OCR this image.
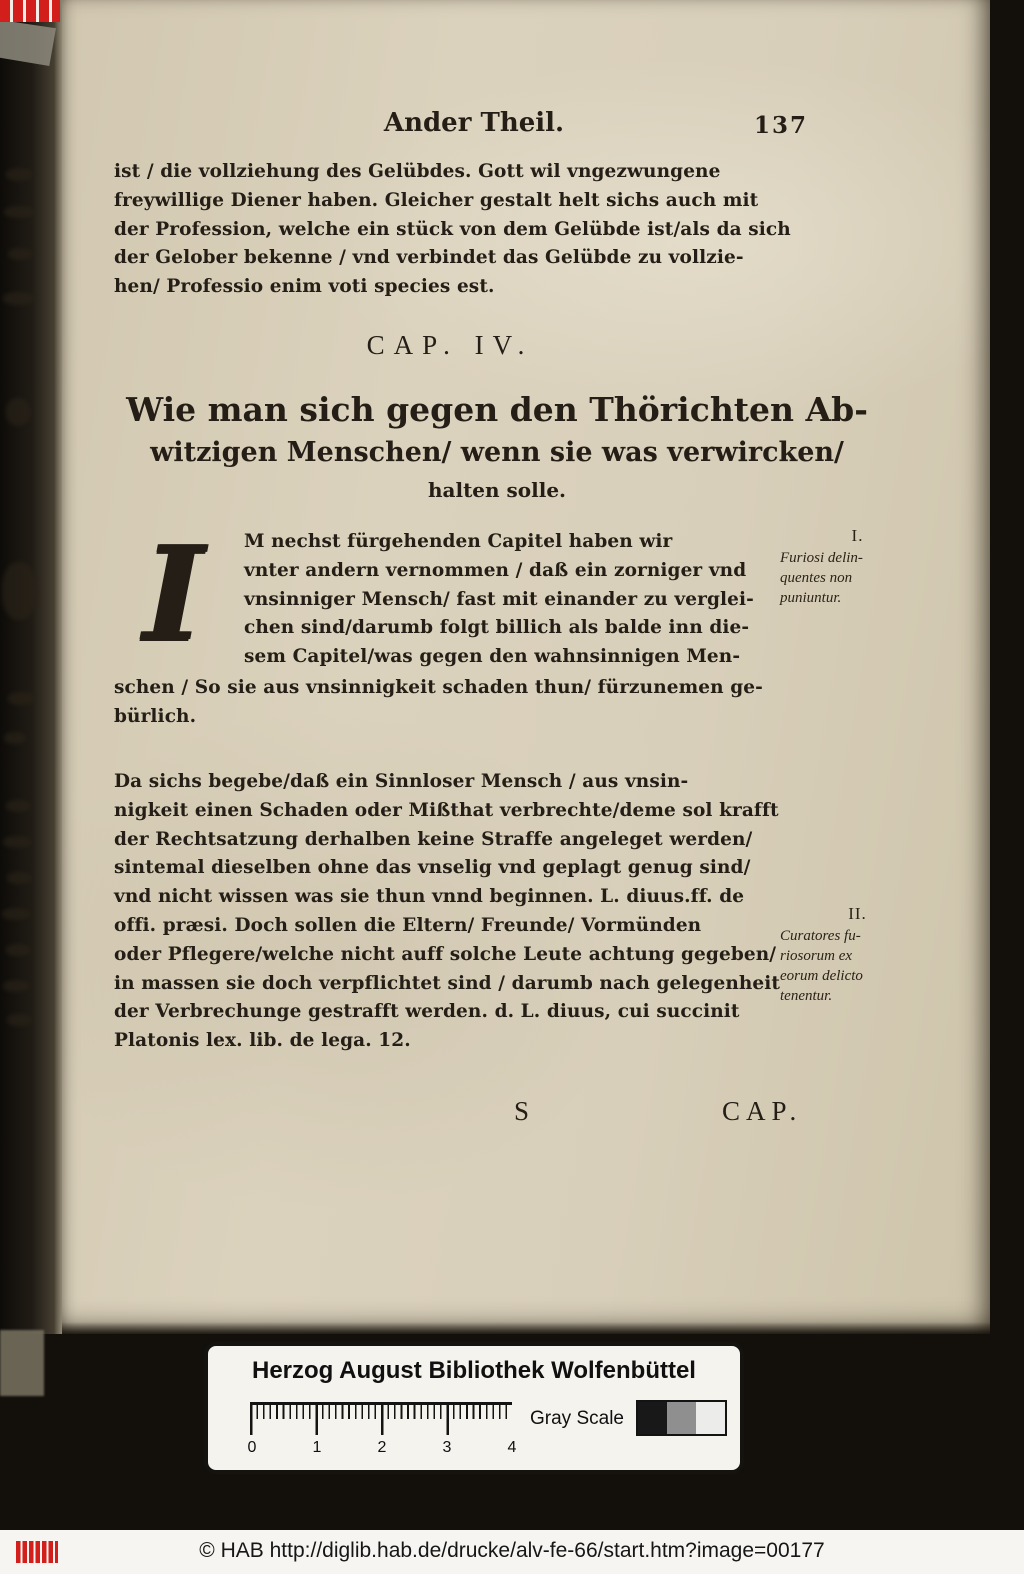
Ander Theil.	137
ist / die vollziehung des Gelübdes. Gott wil vngezwungene
freywillige Diener haben. Gleicher gestalt helt sichs auch mit
der Profession, welche ein stück von dem Gelübde ist/als da sich
der Gelober bekenne / vnd verbindet das Gelübde zu vollzie-
hen/ Professio enim voti species est.
CAP. IV.
Wie man sich gegen den Thörichten Ab-
witzigen Menschen/ wenn sie was verwircken/
halten solle.
I	M nechst fürgehenden Capitel haben wir
vnter andern vernommen / daß ein zorniger vnd
vnsinniger Mensch/ fast mit einander zu verglei-
chen sind/darumb folgt billich als balde inn die-
sem Capitel/was gegen den wahnsinnigen Men-
schen / So sie aus vnsinnigkeit schaden thun/ fürzunemen ge-
bürlich.
I.
Furiosi delin-
quentes non
puniuntur.
Da sichs begebe/daß ein Sinnloser Mensch / aus vnsin-
nigkeit einen Schaden oder Mißthat verbrechte/deme sol krafft
der Rechtsatzung derhalben keine Straffe angeleget werden/
sintemal dieselben ohne das vnselig vnd geplagt genug sind/
vnd nicht wissen was sie thun vnnd beginnen. L. diuus.ff. de
offi. præsi. Doch sollen die Eltern/ Freunde/ Vormünden
oder Pflegere/welche nicht auff solche Leute achtung gegeben/
in massen sie doch verpflichtet sind / darumb nach gelegenheit
der Verbrechunge gestrafft werden. d. L. diuus, cui succinit
Platonis lex. lib. de lega. 12.
II.
Curatores fu-
riosorum ex
eorum delicto
tenentur.
S	CAP.
Herzog August Bibliothek Wolfenbüttel
0	1	2	3	4
Gray Scale
© HAB http://diglib.hab.de/drucke/alv-fe-66/start.htm?image=00177
